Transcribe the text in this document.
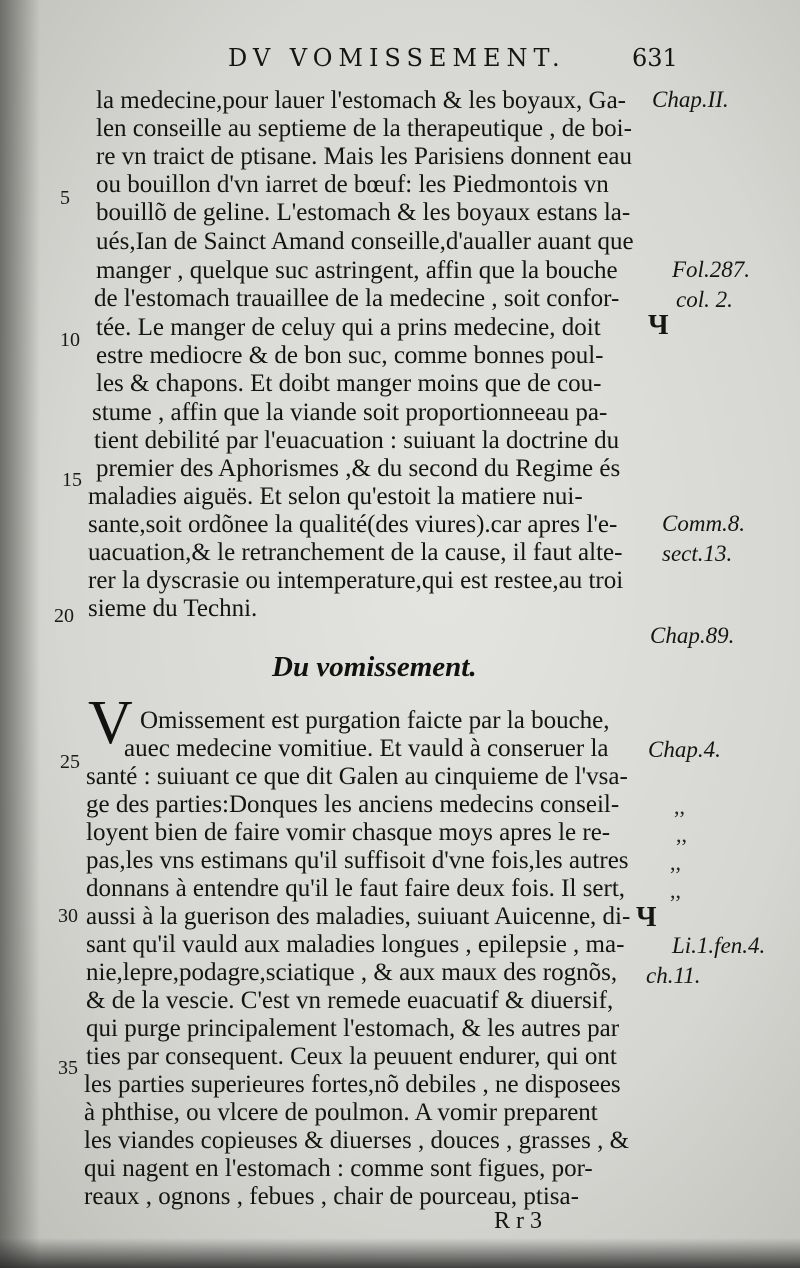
DV VOMISSEMENT.	631
la medecine,pour lauer l'estomach & les boyaux, Ga-
len conseille au septieme de la therapeutique , de boi-
re vn traict de ptisane. Mais les Parisiens donnent eau
ou bouillon d'vn iarret de bœuf: les Piedmontois vn
bouillõ de geline. L'estomach & les boyaux estans la-
ués,Ian de Sainct Amand conseille,d'aualler auant que
manger , quelque suc astringent, affin que la bouche
de l'estomach trauaillee de la medecine , soit confor-
tée. Le manger de celuy qui a prins medecine, doit
estre mediocre & de bon suc, comme bonnes poul-
les & chapons. Et doibt manger moins que de cou-
stume , affin que la viande soit proportionneeau pa-
tient debilité par l'euacuation : suiuant la doctrine du
premier des Aphorismes ,& du second du Regime és
maladies aiguës. Et selon qu'estoit la matiere nui-
sante,soit ordõnee la qualité(des viures).car apres l'e-
uacuation,& le retranchement de la cause, il faut alte-
rer la dyscrasie ou intemperature,qui est restee,au troi
sieme du Techni.
Du vomissement.
V Omissement est purgation faicte par la bouche,
auec medecine vomitiue. Et vauld à conseruer la
santé : suiuant ce que dit Galen au cinquieme de l'vsa-
ge des parties:Donques les anciens medecins conseil-
loyent bien de faire vomir chasque moys apres le re-
pas,les vns estimans qu'il suffisoit d'vne fois,les autres
donnans à entendre qu'il le faut faire deux fois. Il sert,
aussi à la guerison des maladies, suiuant Auicenne, di-
sant qu'il vauld aux maladies longues , epilepsie , ma-
nie,lepre,podagre,sciatique , & aux maux des rognõs,
& de la vescie. C'est vn remede euacuatif & diuersif,
qui purge principalement l'estomach, & les autres par
ties par consequent. Ceux la peuuent endurer, qui ont
les parties superieures fortes,nõ debiles , ne disposees
à phthise, ou vlcere de poulmon. A vomir preparent
les viandes copieuses & diuerses , douces , grasses , &
qui nagent en l'estomach : comme sont figues, por-
reaux , ognons , febues , chair de pourceau, ptisa-
Chap.II.
Fol.287.
col. 2.
Comm.8.
sect.13.
Chap.89.
Chap.4.
Li.1.fen.4.
ch.11.
Ч
Ч
,,
,,
,,
,,
5
10
15
20
25
30
35
R r 3
